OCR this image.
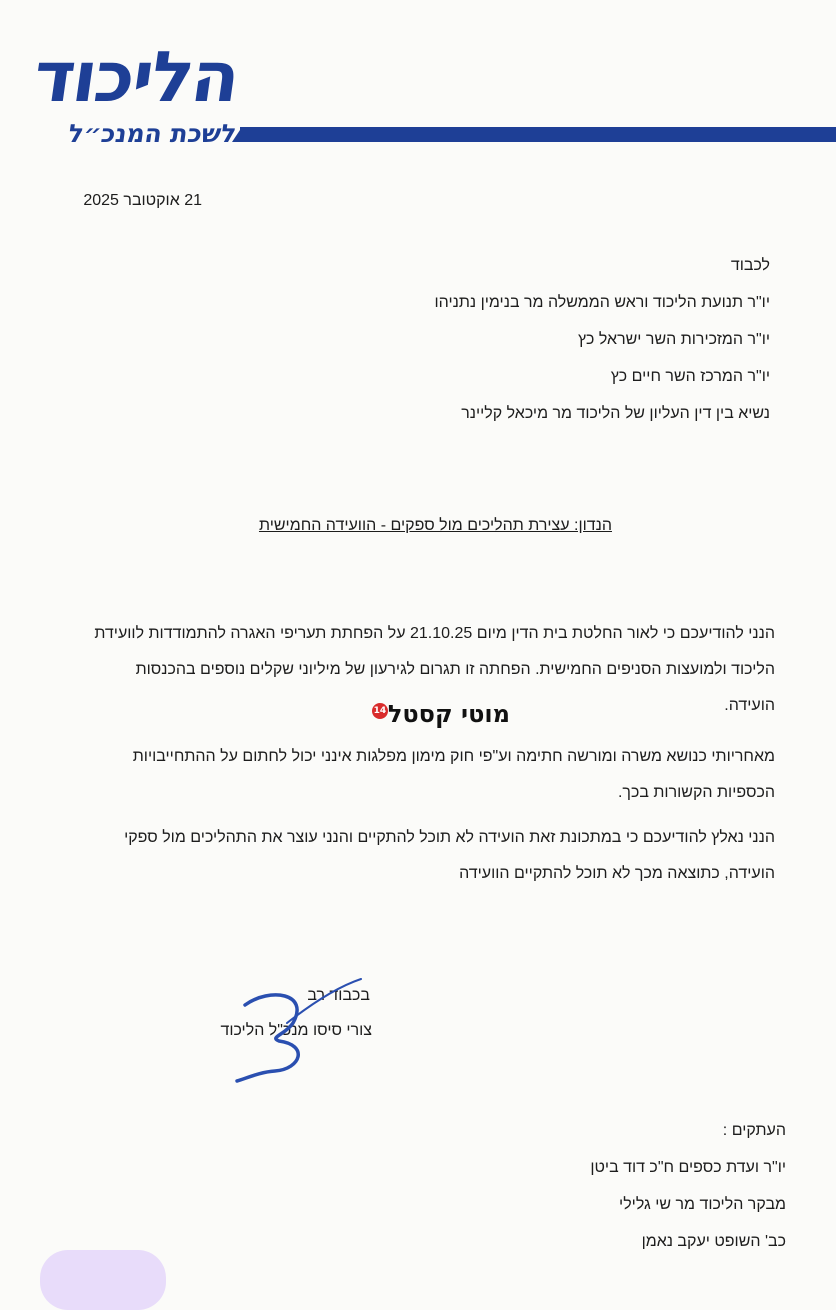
הליכוד
לשכת המנכ״ל
21 אוקטובר 2025
לכבוד
יו"ר תנועת הליכוד וראש הממשלה מר בנימין נתניהו
יו"ר המזכירות השר ישראל כץ
יו"ר המרכז השר חיים כץ
נשיא בין דין העליון של הליכוד מר מיכאל קליינר
הנדון: עצירת תהליכים מול ספקים - הוועידה החמישית
הנני להודיעכם כי לאור החלטת בית הדין מיום 21.10.25 על הפחתת תעריפי האגרה להתמודדות לוועידת הליכוד ולמועצות הסניפים החמישית. הפחתה זו תגרום לגירעון של מיליוני שקלים נוספים בהכנסות הועידה.
מאחריותי כנושא משרה ומורשה חתימה וע"פי חוק מימון מפלגות אינני יכול לחתום על ההתחייבויות הכספיות הקשורות בכך.
הנני נאלץ להודיעכם כי במתכונת זאת הועידה לא תוכל להתקיים והנני עוצר את התהליכים מול ספקי הועידה, כתוצאה מכך לא תוכל להתקיים הוועידה
מוטי קסטל14
בכבוד רב
צורי סיסו מנכ"ל הליכוד
העתקים :
יו"ר ועדת כספים ח"כ דוד ביטן
מבקר הליכוד מר שי גלילי
כב' השופט יעקב נאמן
